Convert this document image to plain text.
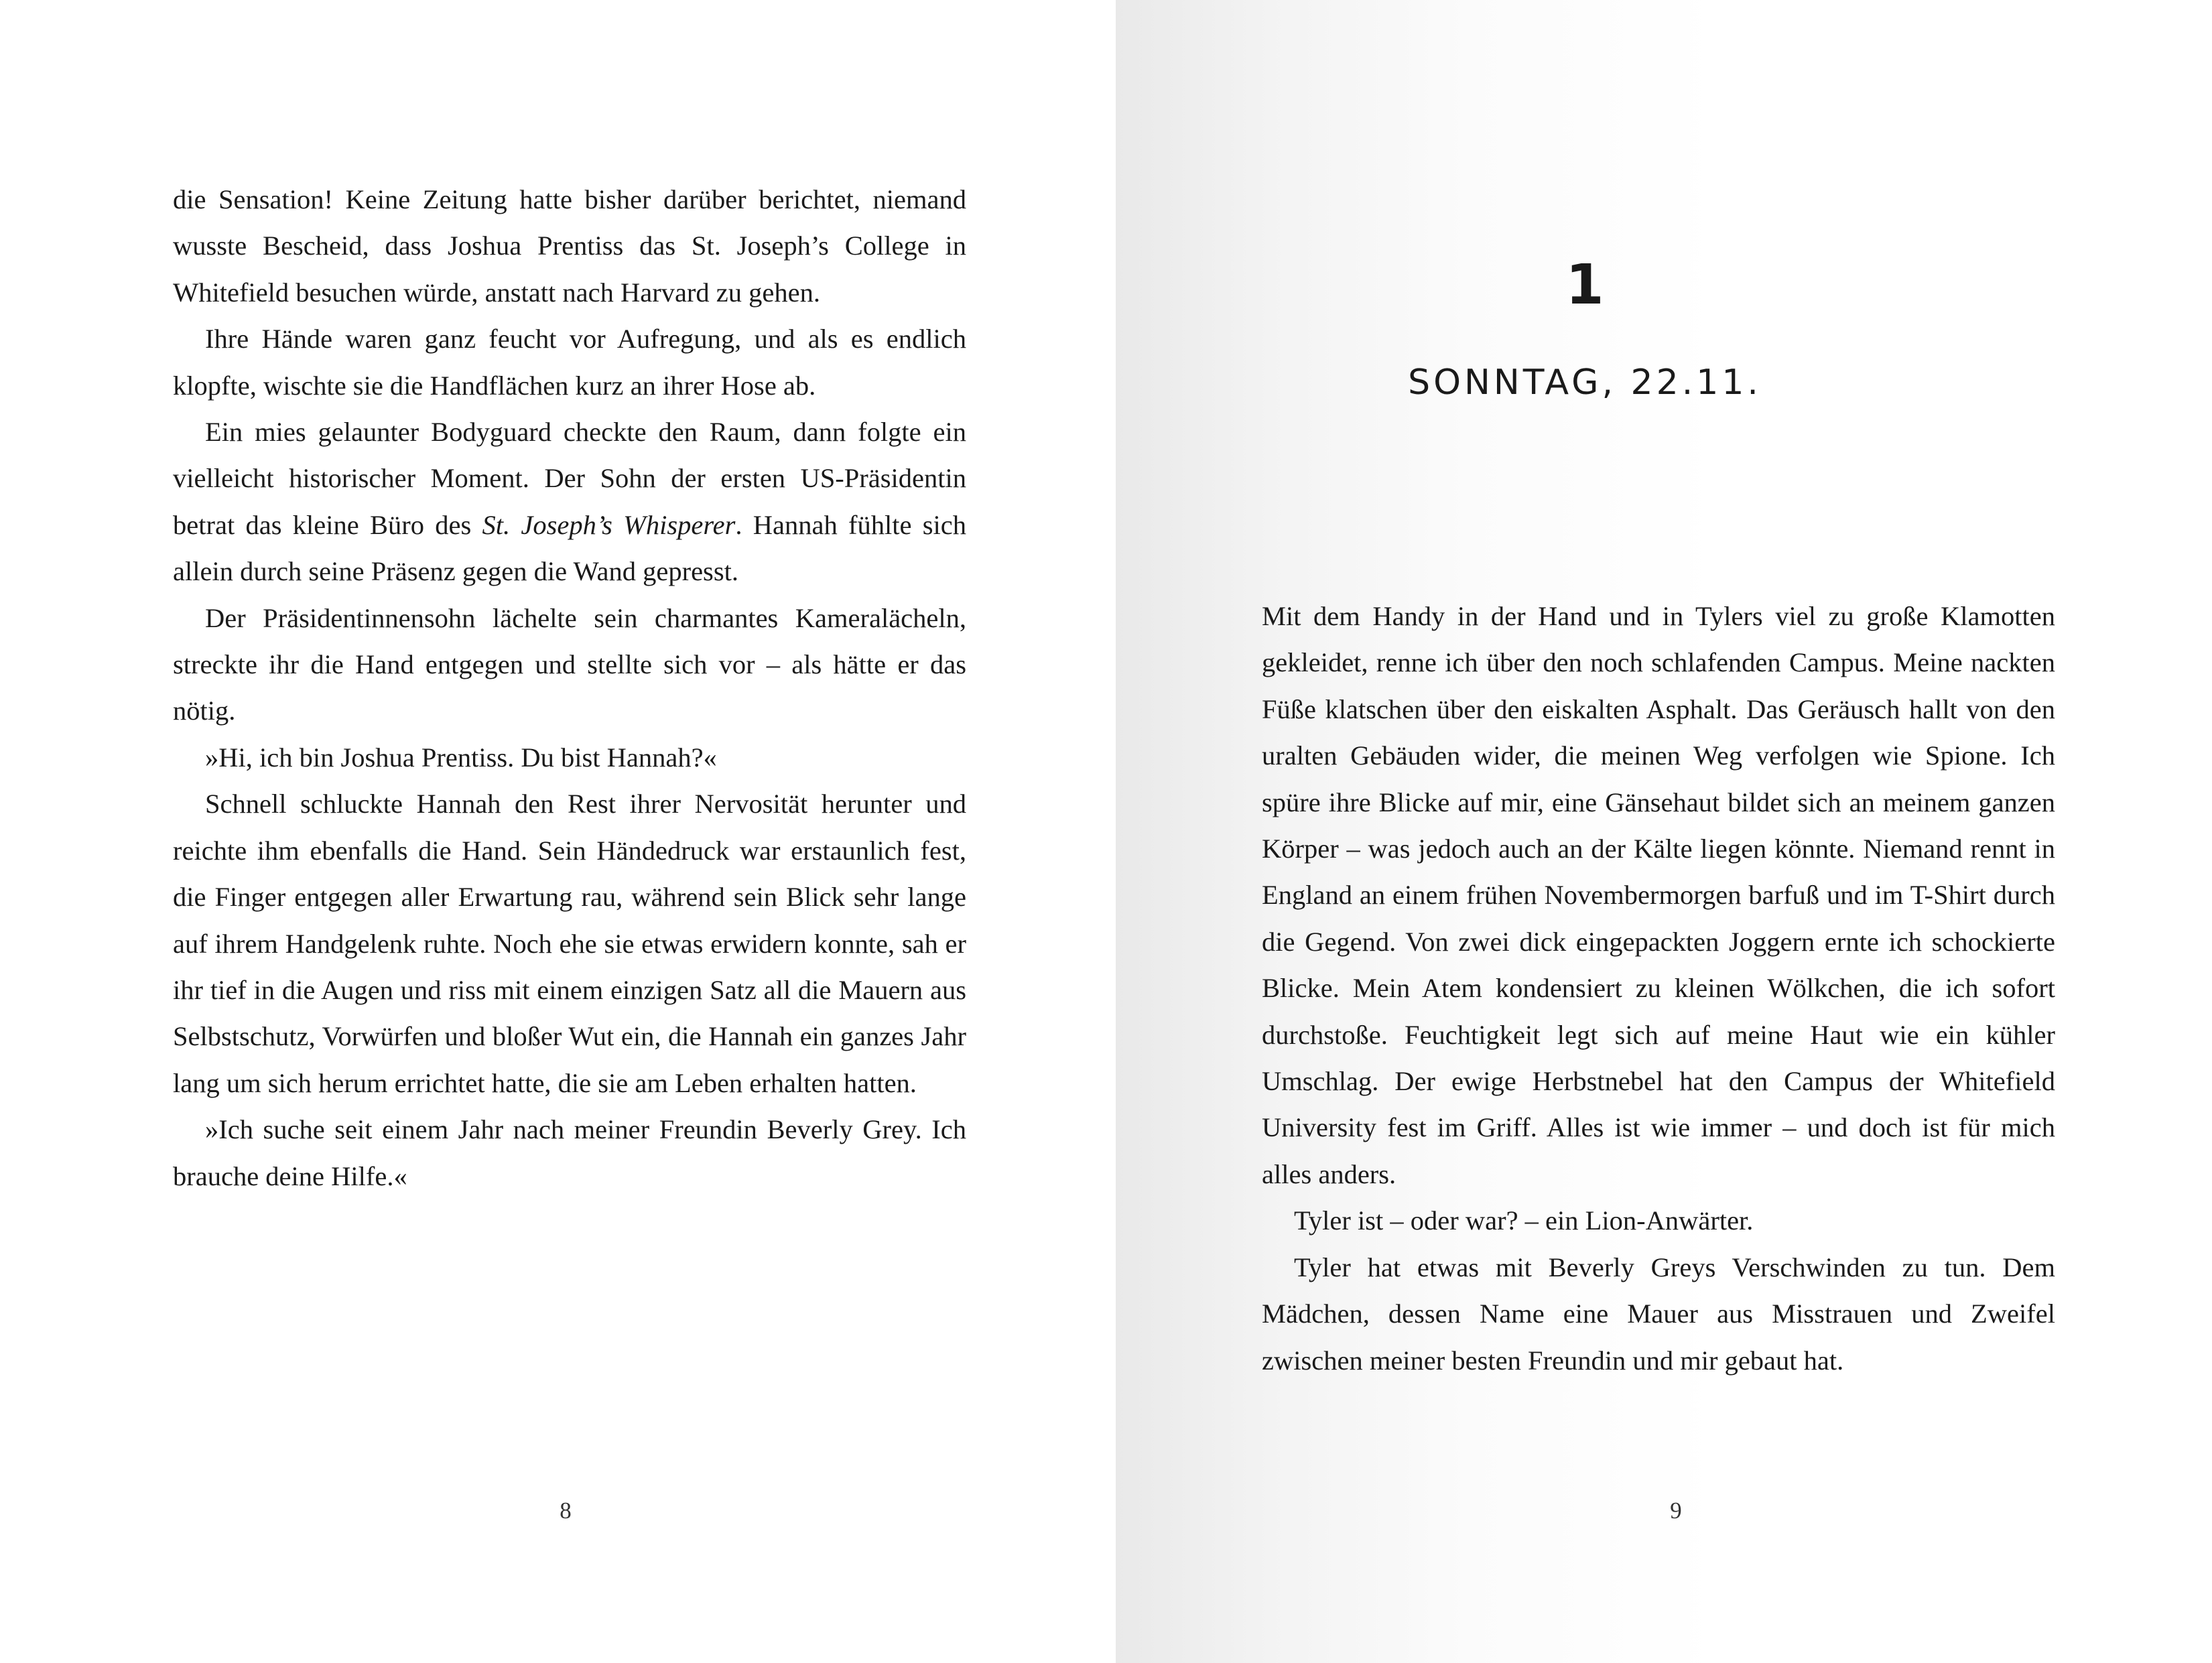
die Sensation! Keine Zeitung hatte bisher darüber berichtet, niemand wusste Bescheid, dass Joshua Prentiss das St. Joseph’s College in Whitefield besuchen würde, anstatt nach Harvard zu gehen.

Ihre Hände waren ganz feucht vor Aufregung, und als es endlich klopfte, wischte sie die Handflächen kurz an ihrer Hose ab.

Ein mies gelaunter Bodyguard checkte den Raum, dann folgte ein vielleicht historischer Moment. Der Sohn der ersten US-Präsidentin betrat das kleine Büro des St. Joseph’s Whisperer. Hannah fühlte sich allein durch seine Präsenz gegen die Wand gepresst.

Der Präsidentinnensohn lächelte sein charmantes Kameralächeln, streckte ihr die Hand entgegen und stellte sich vor – als hätte er das nötig.

»Hi, ich bin Joshua Prentiss. Du bist Hannah?«

Schnell schluckte Hannah den Rest ihrer Nervosität herunter und reichte ihm ebenfalls die Hand. Sein Händedruck war erstaunlich fest, die Finger entgegen aller Erwartung rau, während sein Blick sehr lange auf ihrem Handgelenk ruhte. Noch ehe sie etwas erwidern konnte, sah er ihr tief in die Augen und riss mit einem einzigen Satz all die Mauern aus Selbstschutz, Vorwürfen und bloßer Wut ein, die Hannah ein ganzes Jahr lang um sich herum errichtet hatte, die sie am Leben erhalten hatten.

»Ich suche seit einem Jahr nach meiner Freundin Beverly Grey. Ich brauche deine Hilfe.«

8
1
SONNTAG, 22.11.

Mit dem Handy in der Hand und in Tylers viel zu große Klamotten gekleidet, renne ich über den noch schlafenden Campus. Meine nackten Füße klatschen über den eiskalten Asphalt. Das Geräusch hallt von den uralten Gebäuden wider, die meinen Weg verfolgen wie Spione. Ich spüre ihre Blicke auf mir, eine Gänsehaut bildet sich an meinem ganzen Körper – was jedoch auch an der Kälte liegen könnte. Niemand rennt in England an einem frühen Novembermorgen barfuß und im T-Shirt durch die Gegend. Von zwei dick eingepackten Joggern ernte ich schockierte Blicke. Mein Atem kondensiert zu kleinen Wölkchen, die ich sofort durchstoße. Feuchtigkeit legt sich auf meine Haut wie ein kühler Umschlag. Der ewige Herbstnebel hat den Campus der Whitefield University fest im Griff. Alles ist wie immer – und doch ist für mich alles anders.

Tyler ist – oder war? – ein Lion-Anwärter.

Tyler hat etwas mit Beverly Greys Verschwinden zu tun. Dem Mädchen, dessen Name eine Mauer aus Misstrauen und Zweifel zwischen meiner besten Freundin und mir gebaut hat.

9
